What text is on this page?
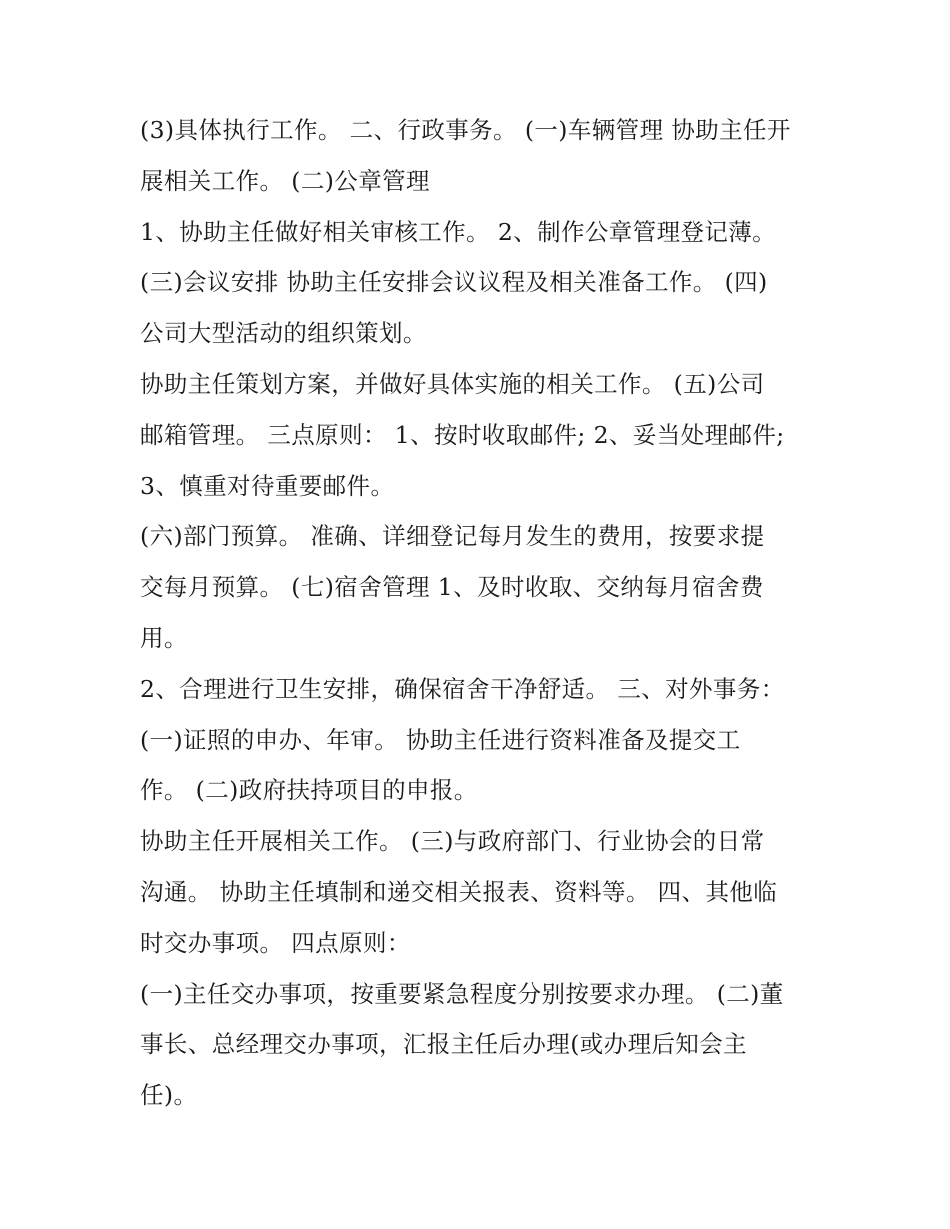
(3)具体执行工作。 二、行政事务。 (一)车辆管理 协助主任开
展相关工作。 (二)公章管理
1、协助主任做好相关审核工作。 2、制作公章管理登记薄。
(三)会议安排 协助主任安排会议议程及相关准备工作。 (四)
公司大型活动的组织策划。
协助主任策划方案，并做好具体实施的相关工作。 (五)公司
邮箱管理。 三点原则： 1、按时收取邮件; 2、妥当处理邮件;
3、慎重对待重要邮件。
(六)部门预算。 准确、详细登记每月发生的费用，按要求提
交每月预算。 (七)宿舍管理 1、及时收取、交纳每月宿舍费
用。
2、合理进行卫生安排，确保宿舍干净舒适。 三、对外事务：
(一)证照的申办、年审。 协助主任进行资料准备及提交工
作。 (二)政府扶持项目的申报。
协助主任开展相关工作。 (三)与政府部门、行业协会的日常
沟通。 协助主任填制和递交相关报表、资料等。 四、其他临
时交办事项。 四点原则：
(一)主任交办事项，按重要紧急程度分别按要求办理。 (二)董
事长、总经理交办事项，汇报主任后办理(或办理后知会主
任)。
